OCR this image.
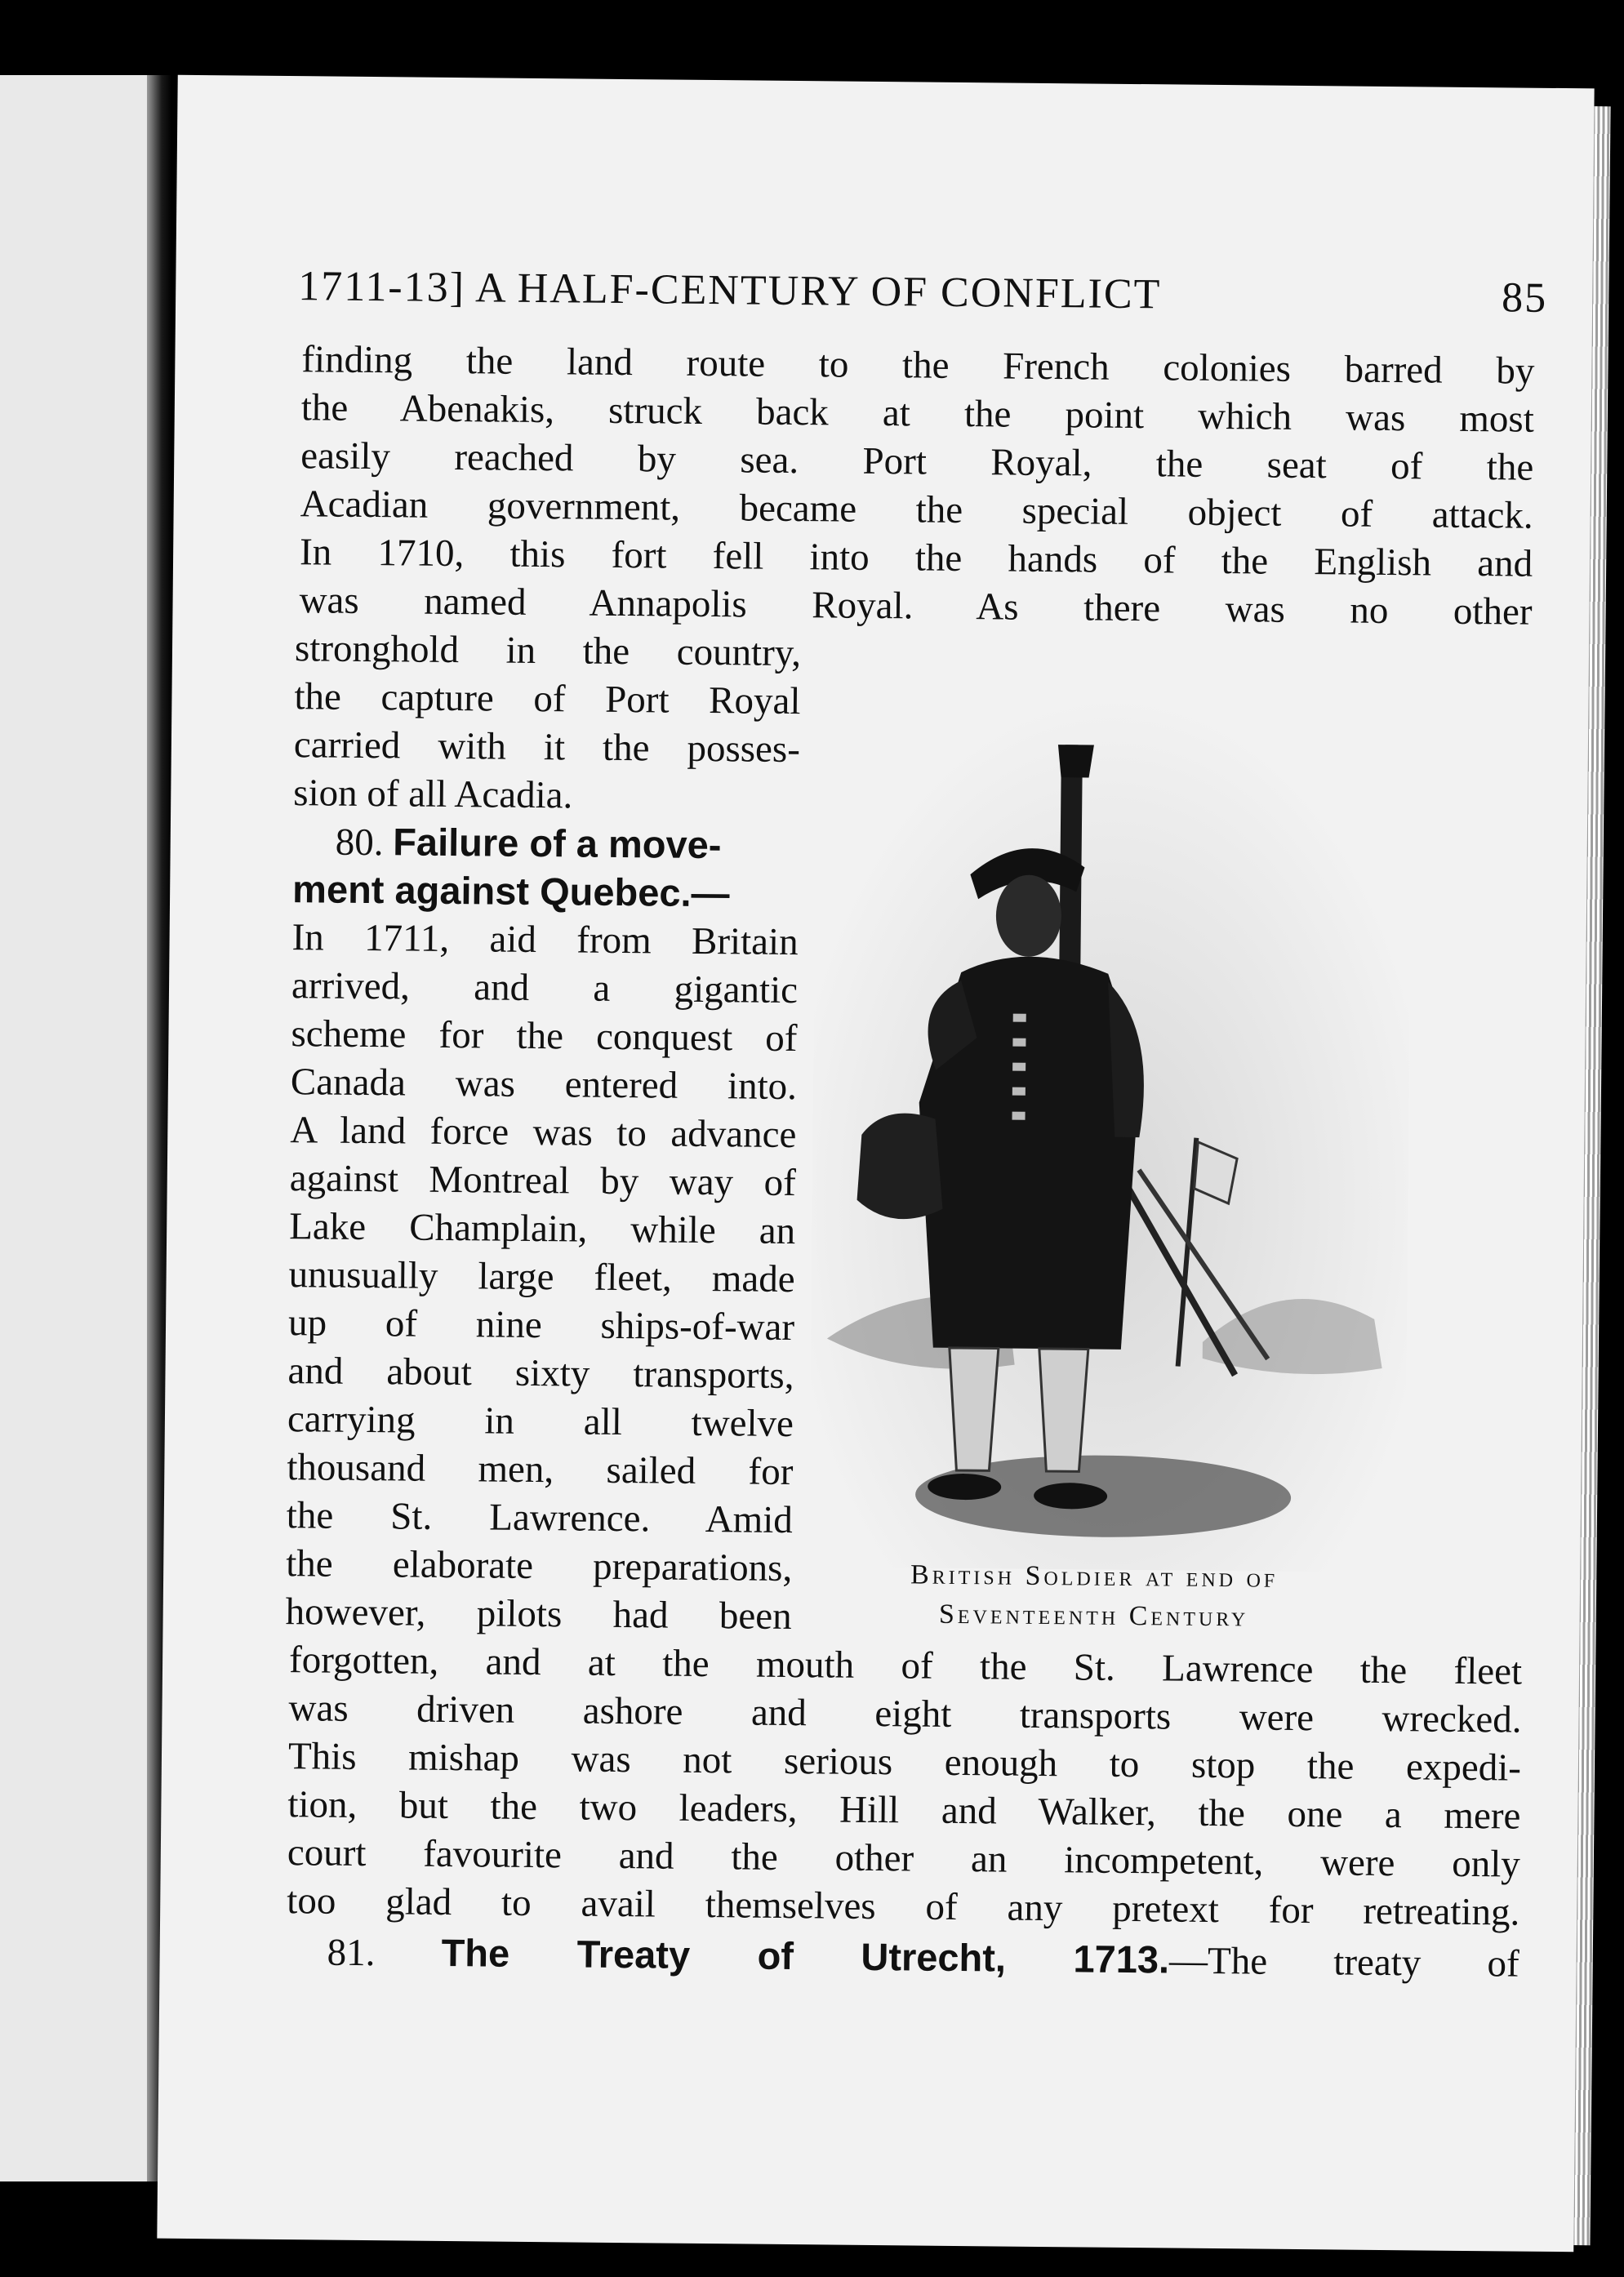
1711-13] A HALF-CENTURY OF CONFLICT	85
finding the land route to the French colonies barred by
the Abenakis, struck back at the point which was most
easily reached by sea. Port Royal, the seat of the
Acadian government, became the special object of attack.
In 1710, this fort fell into the hands of the English and
was named Annapolis Royal. As there was no other
stronghold in the country,
the capture of Port Royal
carried with it the posses-
sion of all Acadia.
80. Failure of a move-
ment against Quebec.—
In 1711, aid from Britain
arrived, and a gigantic
scheme for the conquest of
Canada was entered into.
A land force was to advance
against Montreal by way of
Lake Champlain, while an
unusually large fleet, made
up of nine ships-of-war
and about sixty transports,
carrying in all twelve
thousand men, sailed for
the St. Lawrence. Amid
the elaborate preparations,
however, pilots had been
British Soldier at end of
Seventeenth Century
forgotten, and at the mouth of the St. Lawrence the fleet
was driven ashore and eight transports were wrecked.
This mishap was not serious enough to stop the expedi-
tion, but the two leaders, Hill and Walker, the one a mere
court favourite and the other an incompetent, were only
too glad to avail themselves of any pretext for retreating.
81. The Treaty of Utrecht, 1713.—The treaty of
